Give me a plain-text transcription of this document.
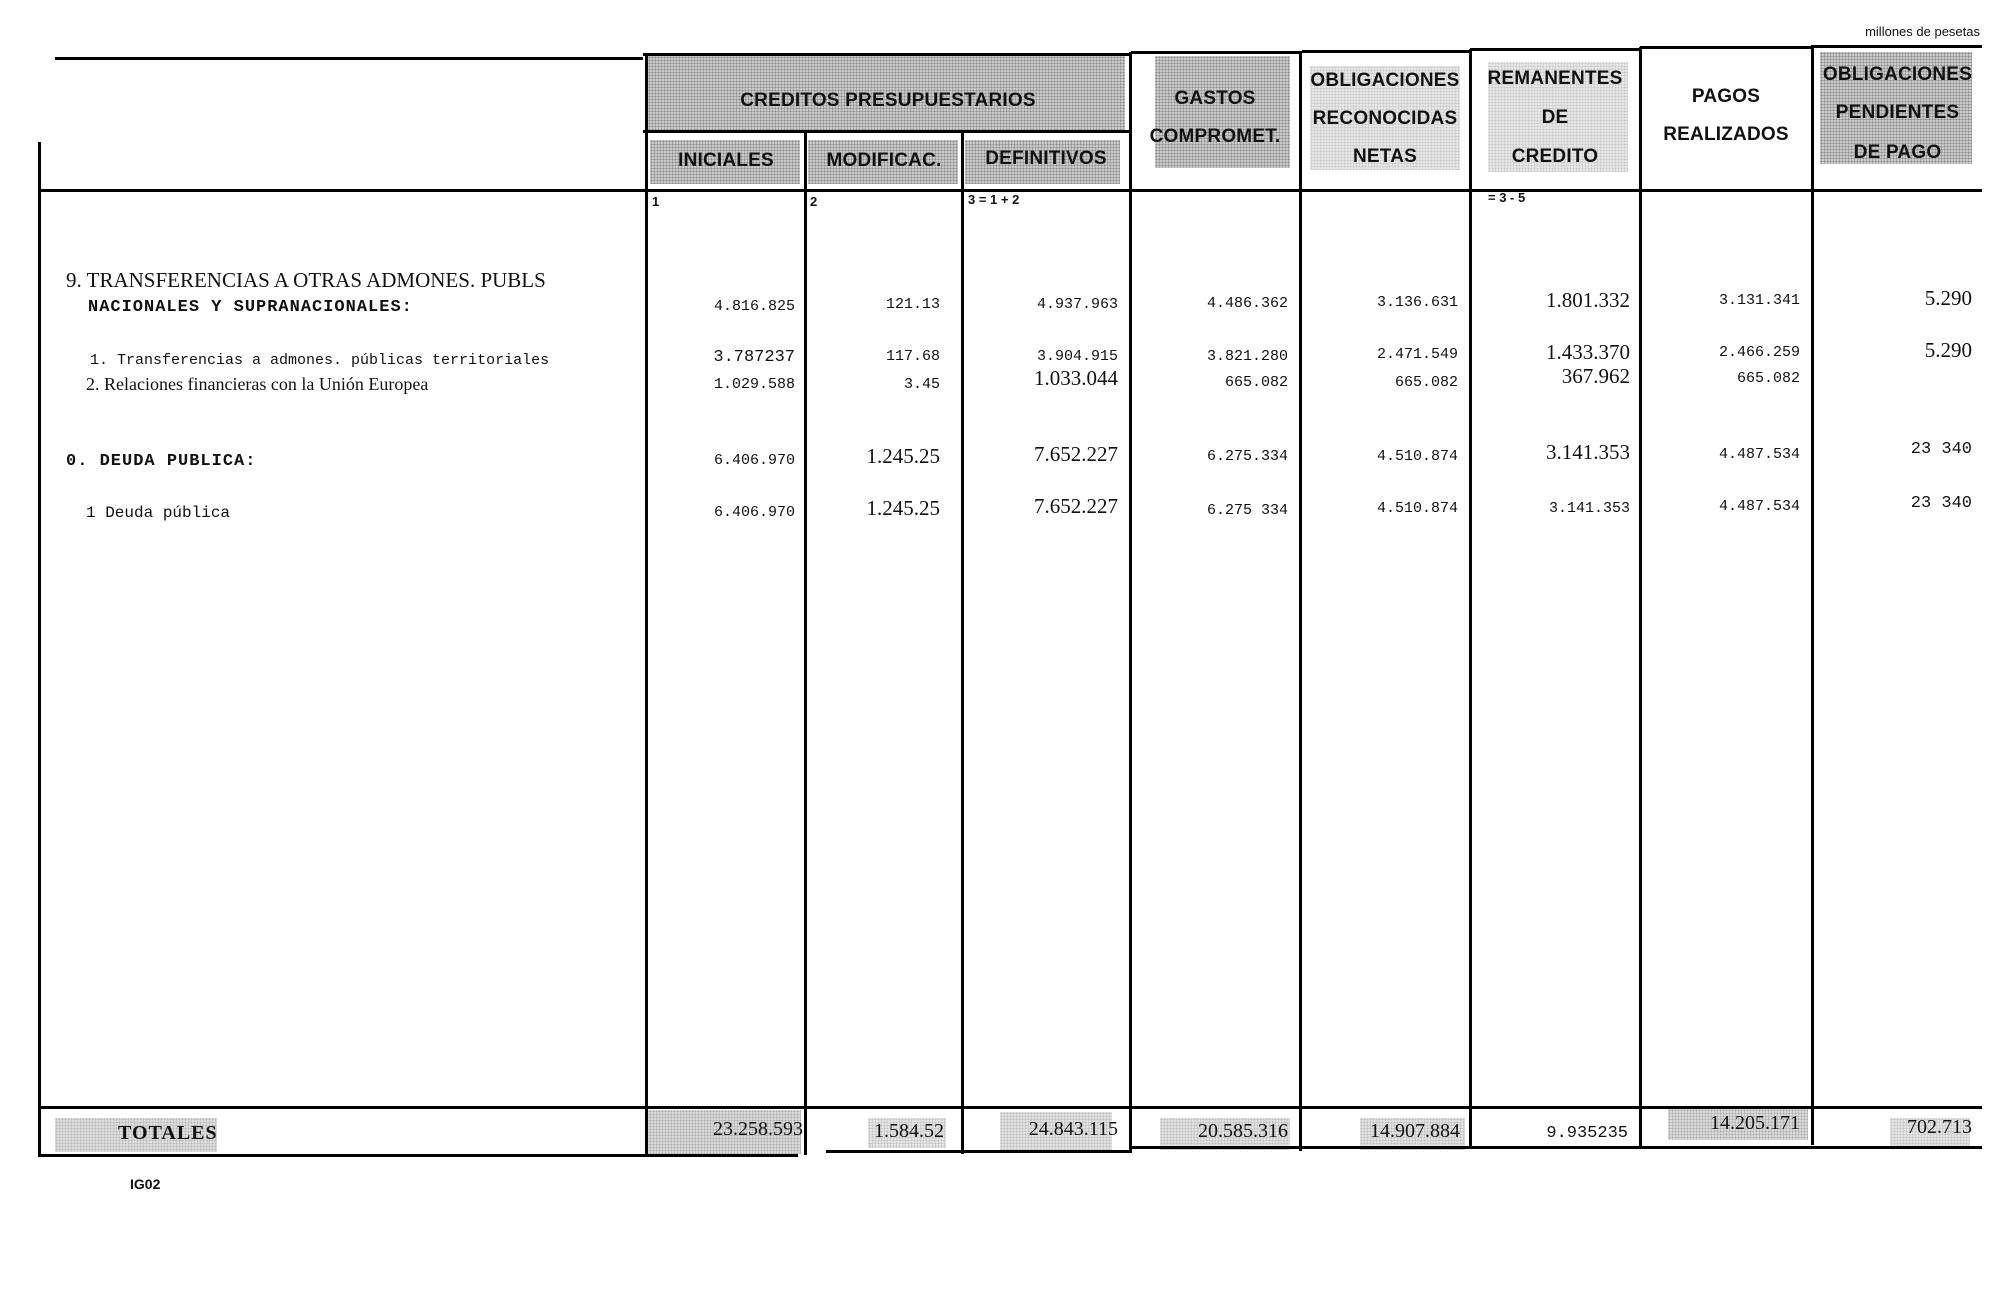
millones de pesetas
CREDITOS PRESUPUESTARIOS
INICIALES	MODIFICAC.	DEFINITIVOS
GASTOS
COMPROMET.
OBLIGACIONES
RECONOCIDAS
NETAS
REMANENTES
DE
CREDITO
PAGOS
REALIZADOS
OBLIGACIONES
PENDIENTES
DE PAGO
1	2	3 = 1 + 2	= 3 - 5
9. TRANSFERENCIAS A OTRAS ADMONES. PUBLS
NACIONALES Y SUPRANACIONALES:	4.816.825	121.13	4.937.963	4.486.362	3.136.631	1.801.332	3.131.341	5.290
1. Transferencias a admones. públicas territoriales	3.787237	117.68	3.904.915	3.821.280	2.471.549	1.433.370	2.466.259	5.290
2. Relaciones financieras con la Unión Europea	1.029.588	3.45	1.033.044	665.082	665.082	367.962	665.082
0. DEUDA PUBLICA:	6.406.970	1.245.25	7.652.227	6.275.334	4.510.874	3.141.353	4.487.534	23 340
1 Deuda pública	6.406.970	1.245.25	7.652.227	6.275 334	4.510.874	3.141.353	4.487.534	23 340
TOTALES	23.258.593	1.584.52	24.843.115	20.585.316	14.907.884	9.935235	14.205.171	702.713
IG02
